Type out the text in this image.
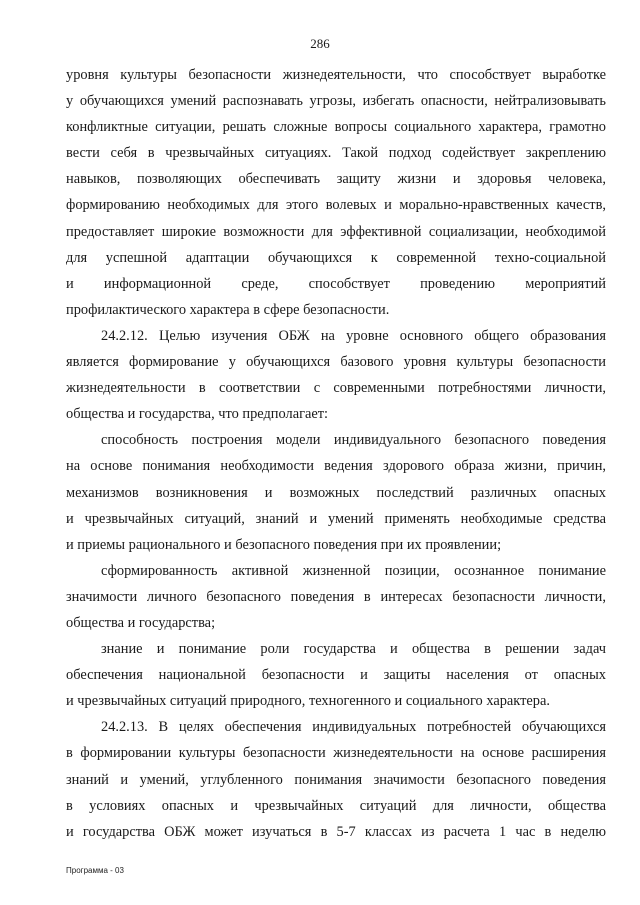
286
уровня культуры безопасности жизнедеятельности, что способствует выработке
у обучающихся умений распознавать угрозы, избегать опасности, нейтрализовывать
конфликтные ситуации, решать сложные вопросы социального характера, грамотно
вести себя в чрезвычайных ситуациях. Такой подход содействует закреплению
навыков, позволяющих обеспечивать защиту жизни и здоровья человека,
формированию необходимых для этого волевых и морально-нравственных качеств,
предоставляет широкие возможности для эффективной социализации, необходимой
для успешной адаптации обучающихся к современной техно-социальной
и информационной среде, способствует проведению мероприятий
профилактического характера в сфере безопасности.
24.2.12. Целью изучения ОБЖ на уровне основного общего образования
является формирование у обучающихся базового уровня культуры безопасности
жизнедеятельности в соответствии с современными потребностями личности,
общества и государства, что предполагает:
способность построения модели индивидуального безопасного поведения
на основе понимания необходимости ведения здорового образа жизни, причин,
механизмов возникновения и возможных последствий различных опасных
и чрезвычайных ситуаций, знаний и умений применять необходимые средства
и приемы рационального и безопасного поведения при их проявлении;
сформированность активной жизненной позиции, осознанное понимание
значимости личного безопасного поведения в интересах безопасности личности,
общества и государства;
знание и понимание роли государства и общества в решении задач
обеспечения национальной безопасности и защиты населения от опасных
и чрезвычайных ситуаций природного, техногенного и социального характера.
24.2.13. В целях обеспечения индивидуальных потребностей обучающихся
в формировании культуры безопасности жизнедеятельности на основе расширения
знаний и умений, углубленного понимания значимости безопасного поведения
в условиях опасных и чрезвычайных ситуаций для личности, общества
и государства ОБЖ может изучаться в 5-7 классах из расчета 1 час в неделю
Программа - 03
